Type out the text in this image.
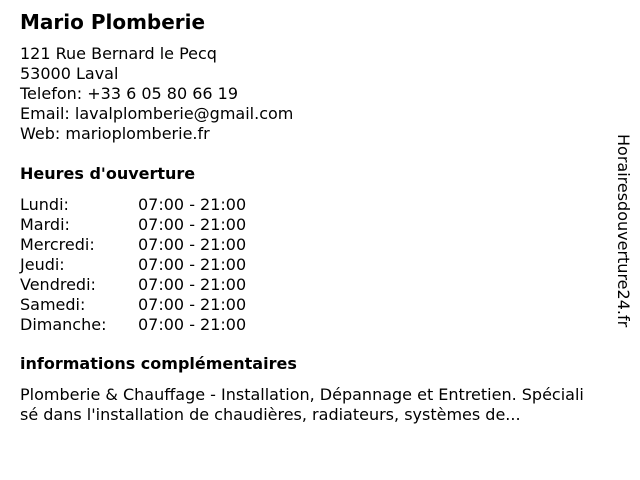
Mario Plomberie
121 Rue Bernard le Pecq
53000 Laval
Telefon: +33 6 05 80 66 19
Email: lavalplomberie@gmail.com
Web: marioplomberie.fr
Heures d'ouverture
Lundi:	07:00 - 21:00
Mardi:	07:00 - 21:00
Mercredi:	07:00 - 21:00
Jeudi:	07:00 - 21:00
Vendredi:	07:00 - 21:00
Samedi:	07:00 - 21:00
Dimanche: 07:00 - 21:00
informations complémentaires
Plomberie & Chauffage - Installation, Dépannage et Entretien. Spécialisé dans l'installation de chaudières, radiateurs, systèmes de...
Horairesdouverture24.fr
